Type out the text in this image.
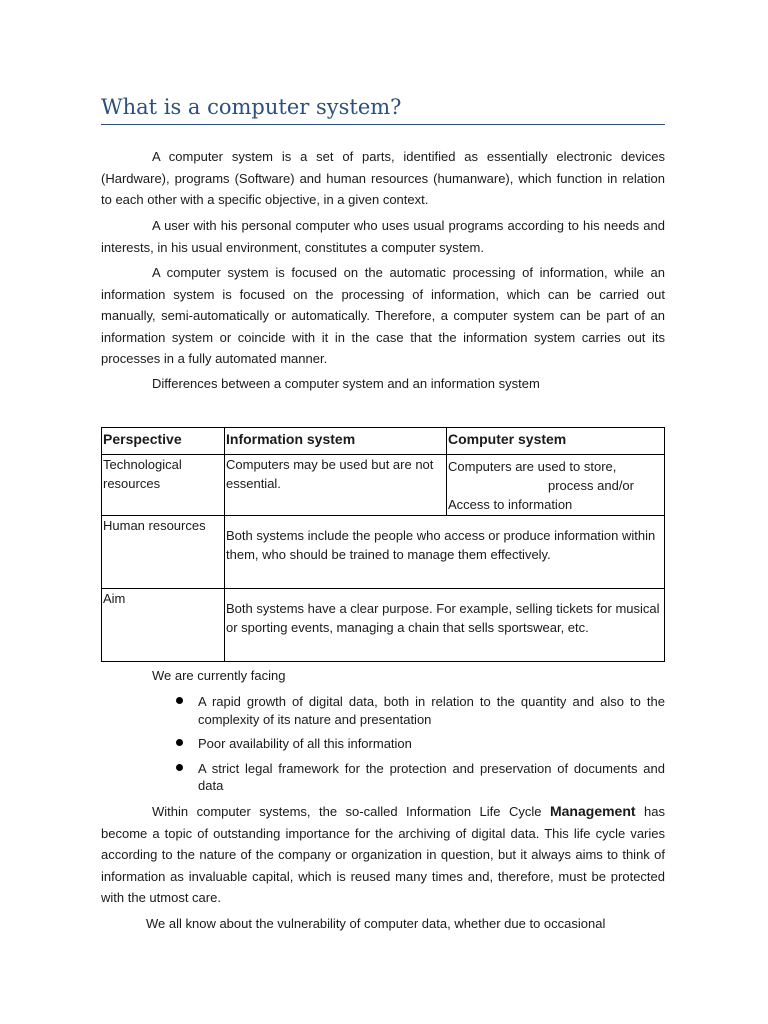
What is a computer system?

A computer system is a set of parts, identified as essentially electronic devices (Hardware), programs (Software) and human resources (humanware), which function in relation to each other with a specific objective, in a given context.

A user with his personal computer who uses usual programs according to his needs and interests, in his usual environment, constitutes a computer system.

A computer system is focused on the automatic processing of information, while an information system is focused on the processing of information, which can be carried out manually, semi-automatically or automatically. Therefore, a computer system can be part of an information system or coincide with it in the case that the information system carries out its processes in a fully automated manner.

Differences between a computer system and an information system

Perspective	Information system	Computer system
Technological resources	Computers may be used but are not essential.	Computers are used to store,
process and/or
Access to information

Human resources	Both systems include the people who access or produce information within them, who should be trained to manage them effectively.	
Aim	Both systems have a clear purpose. For example, selling tickets for musical or sporting events, managing a chain that sells sportswear, etc.	
We are currently facing
A rapid growth of digital data, both in relation to the quantity and also to the complexity of its nature and presentation
Poor availability of all this information
A strict legal framework for the protection and preservation of documents and data

Within computer systems, the so-called Information Life Cycle Management has become a topic of outstanding importance for the archiving of digital data. This life cycle varies according to the nature of the company or organization in question, but it always aims to think of information as invaluable capital, which is reused many times and, therefore, must be protected with the utmost care.

We all know about the vulnerability of computer data, whether due to occasional
